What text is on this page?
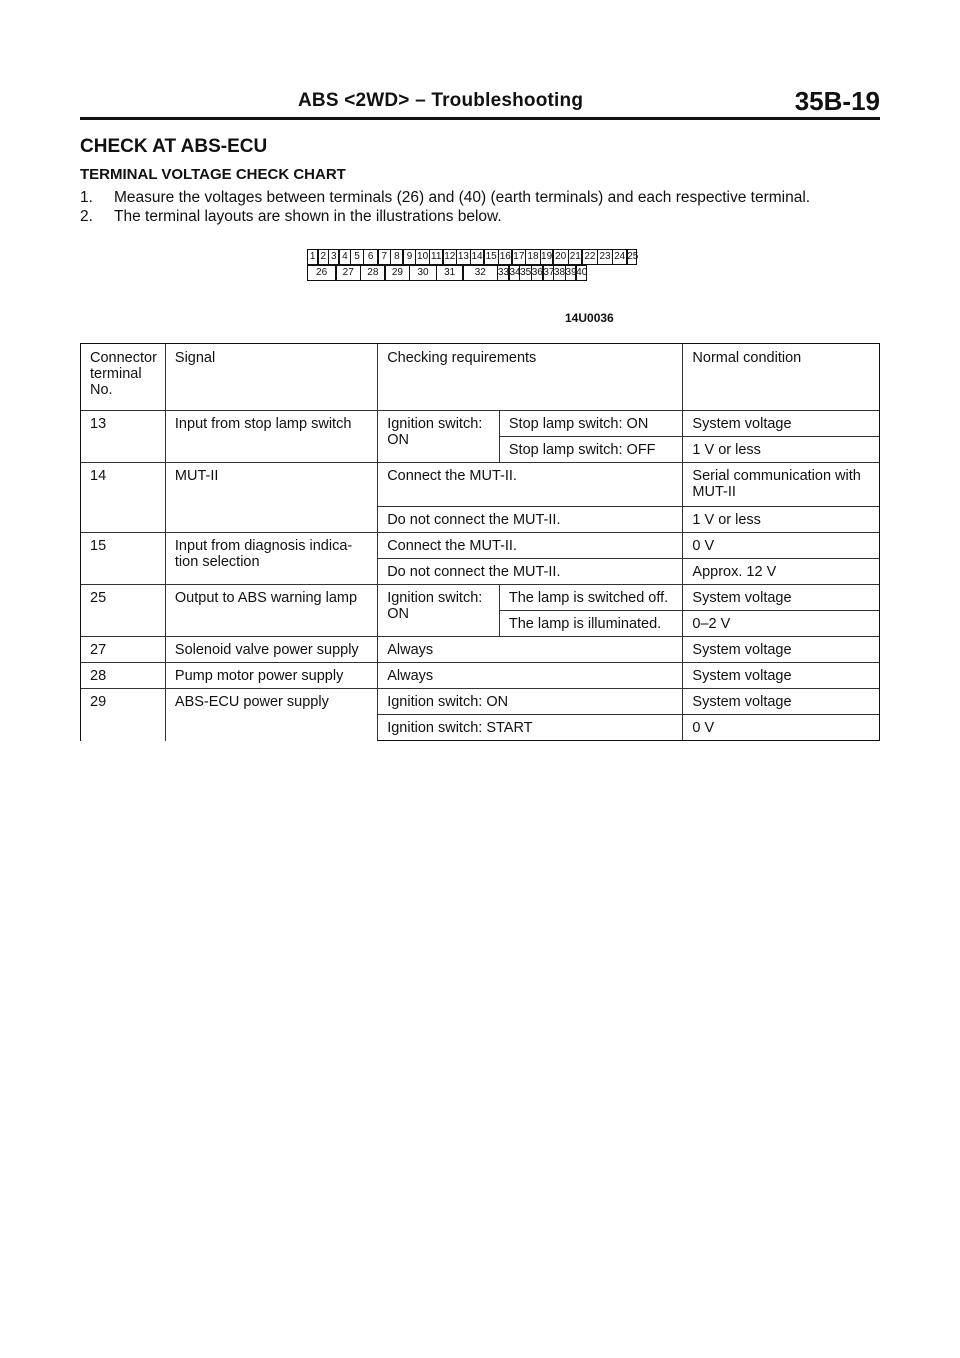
ABS <2WD> – Troubleshooting	35B-19
CHECK AT ABS-ECU
TERMINAL VOLTAGE CHECK CHART
1.	Measure the voltages between terminals (26) and (40) (earth terminals) and each respective terminal.
2.	The terminal layouts are shown in the illustrations below.
1 2 3 4 5 6 7 8 9 10 11 12 13 14 15 16 17 18 19 20 21 22 23 24 25
26	27	28	29	30	31	32	33 34 35 36 37 38 39 40
14U0036
Connector terminal No.	Signal	Checking requirements		Normal condition
13	Input from stop lamp switch	Ignition switch: ON	Stop lamp switch: ON	System voltage
			Stop lamp switch: OFF	1 V or less
14	MUT-II	Connect the MUT-II.		Serial communication with MUT-II
		Do not connect the MUT-II.		1 V or less
15	Input from diagnosis indica- tion selection	Connect the MUT-II.		0 V
		Do not connect the MUT-II.		Approx. 12 V
25	Output to ABS warning lamp	Ignition switch: ON	The lamp is switched off.	System voltage
			The lamp is illuminated.	0–2 V
27	Solenoid valve power supply	Always		System voltage
28	Pump motor power supply	Always		System voltage
29	ABS-ECU power supply	Ignition switch: ON		System voltage
		Ignition switch: START		0 V
